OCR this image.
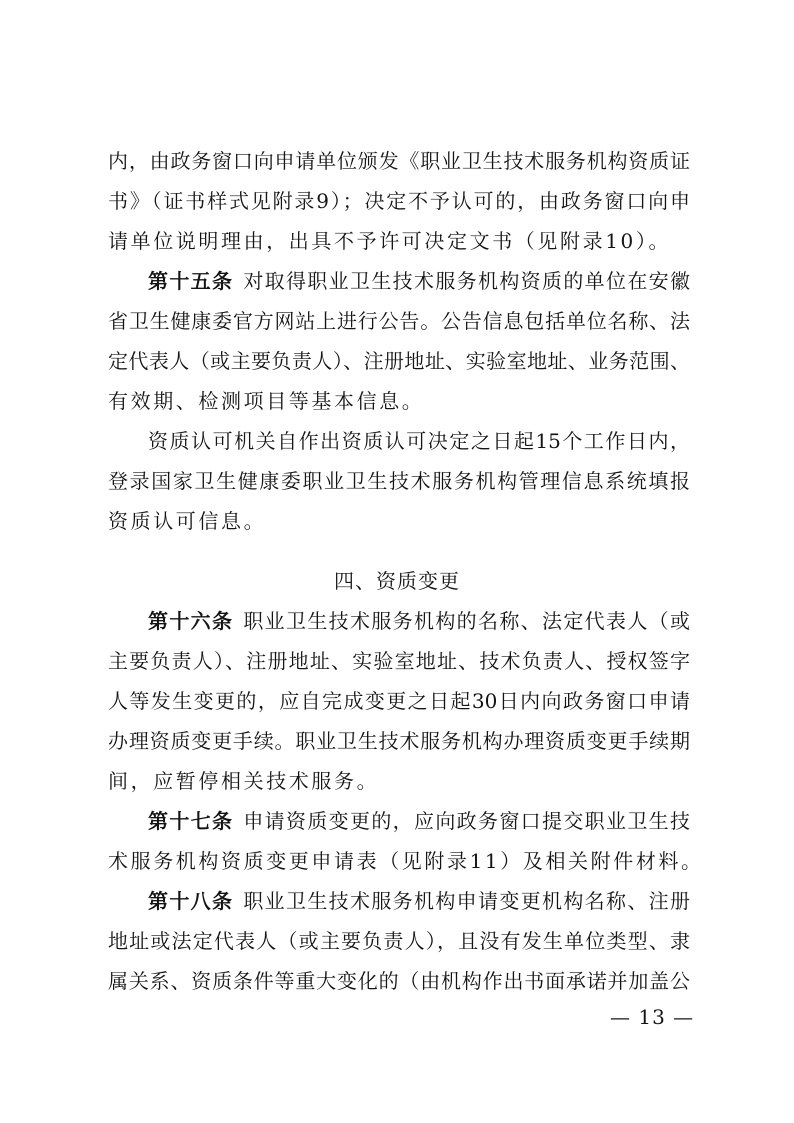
内，由政务窗口向申请单位颁发《职业卫生技术服务机构资质证
书》（证书样式见附录9）；决定不予认可的，由政务窗口向申
请单位说明理由，出具不予许可决定文书（见附录10）。
第十五条 对取得职业卫生技术服务机构资质的单位在安徽
省卫生健康委官方网站上进行公告。公告信息包括单位名称、法
定代表人（或主要负责人）、注册地址、实验室地址、业务范围、
有效期、检测项目等基本信息。
资质认可机关自作出资质认可决定之日起15个工作日内，
登录国家卫生健康委职业卫生技术服务机构管理信息系统填报
资质认可信息。
四、资质变更
第十六条 职业卫生技术服务机构的名称、法定代表人（或
主要负责人）、注册地址、实验室地址、技术负责人、授权签字
人等发生变更的，应自完成变更之日起30日内向政务窗口申请
办理资质变更手续。职业卫生技术服务机构办理资质变更手续期
间，应暂停相关技术服务。
第十七条 申请资质变更的，应向政务窗口提交职业卫生技
术服务机构资质变更申请表（见附录11）及相关附件材料。
第十八条 职业卫生技术服务机构申请变更机构名称、注册
地址或法定代表人（或主要负责人），且没有发生单位类型、隶
属关系、资质条件等重大变化的（由机构作出书面承诺并加盖公
— 13 —
